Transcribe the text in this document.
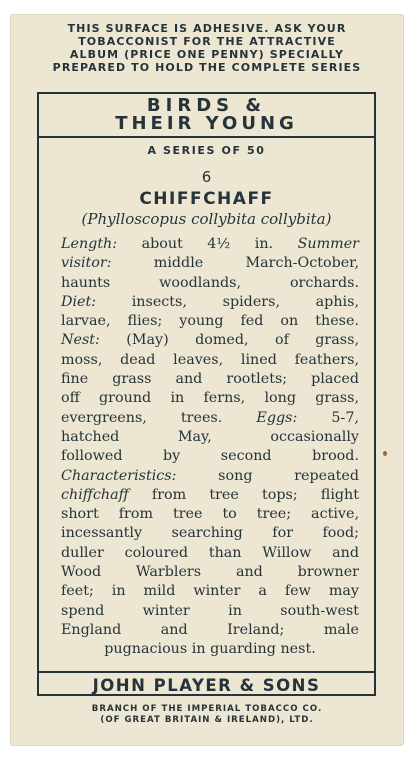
THIS SURFACE IS ADHESIVE. ASK YOUR
TOBACCONIST FOR THE ATTRACTIVE
ALBUM (PRICE ONE PENNY) SPECIALLY
PREPARED TO HOLD THE COMPLETE SERIES
BIRDS &
THEIR YOUNG
A SERIES OF 50
6
CHIFFCHAFF
(Phylloscopus collybita collybita)
Length: about 4½ in. Summer
visitor: middle March-October,
haunts woodlands, orchards.
Diet: insects, spiders, aphis,
larvae, flies; young fed on these.
Nest: (May) domed, of grass,
moss, dead leaves, lined feathers,
fine grass and rootlets; placed
off ground in ferns, long grass,
evergreens, trees. Eggs: 5-7,
hatched May, occasionally
followed by second brood.
Characteristics: song repeated
chiffchaff from tree tops; flight
short from tree to tree; active,
incessantly searching for food;
duller coloured than Willow and
Wood Warblers and browner
feet; in mild winter a few may
spend winter in south-west
England and Ireland; male
pugnacious in guarding nest.
JOHN PLAYER & SONS
BRANCH OF THE IMPERIAL TOBACCO CO.
(OF GREAT BRITAIN & IRELAND), LTD.
